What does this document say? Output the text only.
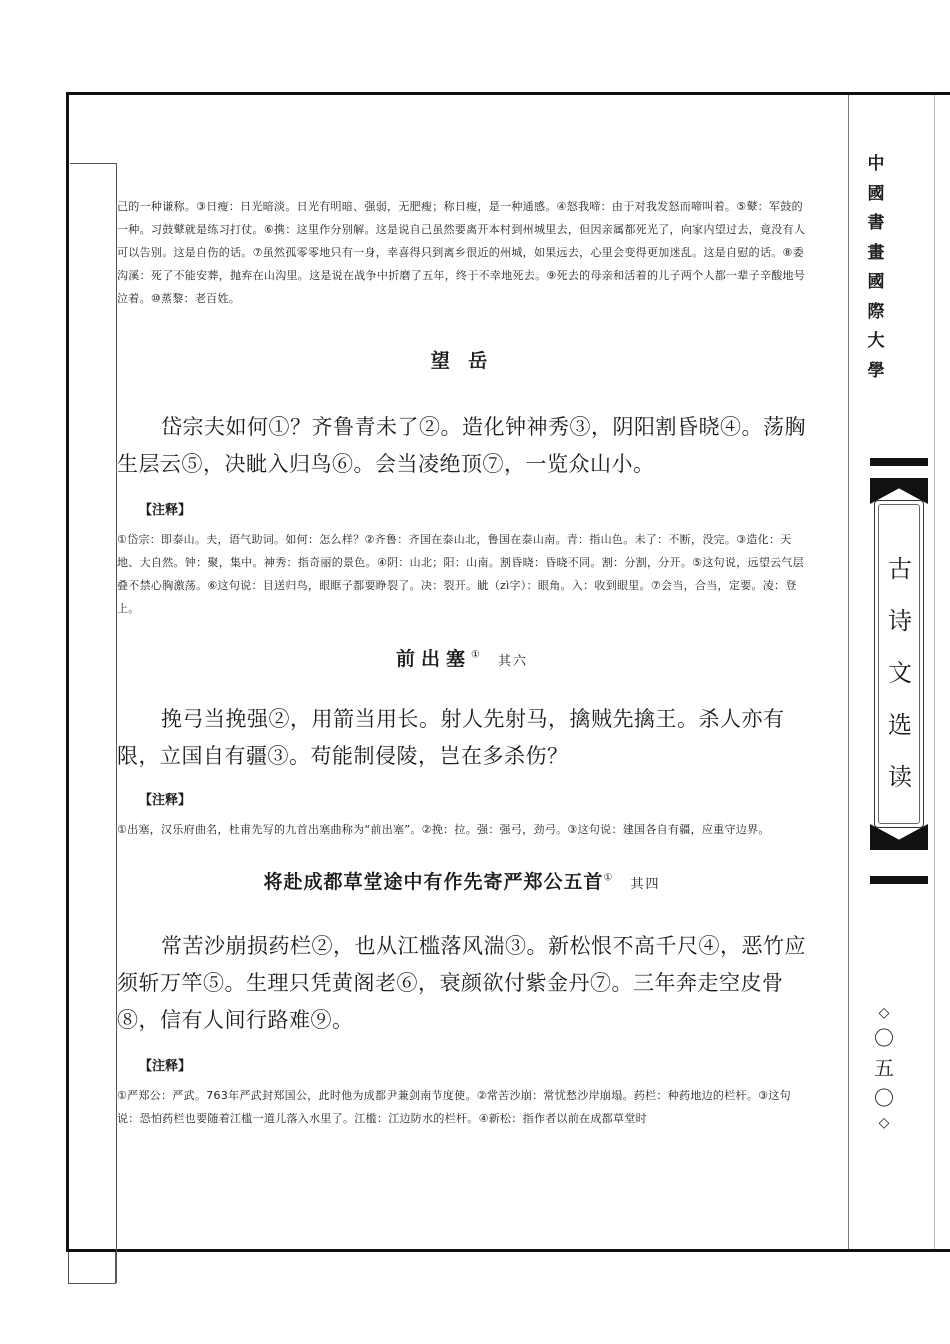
中
國
書
畫
國
際
大
學
古
诗
文
选
读
◇
〇
五
〇
◇

己的一种谦称。③日瘦：日光暗淡。日光有明暗、强弱，无肥瘦；称日瘦，是一种通感。④怒我啼：由于对我发怒而啼叫着。⑤鼙：军鼓的一种。习鼓鼙就是练习打仗。⑥携：这里作分别解。这是说自己虽然要离开本村到州城里去，但因亲属都死光了，向家内望过去，竟没有人可以告别。这是自伤的话。⑦虽然孤零零地只有一身，幸喜得只到离乡很近的州城，如果远去，心里会变得更加迷乱。这是自慰的话。⑧委沟溪：死了不能安葬，抛弃在山沟里。这是说在战争中折磨了五年，终于不幸地死去。⑨死去的母亲和活着的儿子两个人都一辈子辛酸地号泣着。⑩蒸黎：老百姓。

望 岳

岱宗夫如何①？齐鲁青未了②。造化钟神秀③，阴阳割昏晓④。荡胸生层云⑤，决眦入归鸟⑥。会当凌绝顶⑦，一览众山小。

【注释】

①岱宗：即泰山。夫，语气助词。如何：怎么样？②齐鲁：齐国在泰山北，鲁国在泰山南。青：指山色。未了：不断，没完。③造化：天地、大自然。钟：聚，集中。神秀：指奇丽的景色。④阴：山北；阳：山南。割昏晓：昏晓不同。割：分割，分开。⑤这句说，远望云气层叠不禁心胸激荡。⑥这句说：目送归鸟，眼眶子都要睁裂了。决：裂开。眦（zì字）：眼角。入：收到眼里。⑦会当，合当，定要。凌：登上。

前出塞① 其六

挽弓当挽强②，用箭当用长。射人先射马，擒贼先擒王。杀人亦有限，立国自有疆③。苟能制侵陵，岂在多杀伤？

【注释】

①出塞，汉乐府曲名，杜甫先写的九首出塞曲称为“前出塞”。②挽：拉。强：强弓，劲弓。③这句说：建国各自有疆，应重守边界。

将赴成都草堂途中有作先寄严郑公五首① 其四

常苦沙崩损药栏②，也从江槛落风湍③。新松恨不高千尺④，恶竹应须斩万竿⑤。生理只凭黄阁老⑥，衰颜欲付紫金丹⑦。三年奔走空皮骨⑧，信有人间行路难⑨。

【注释】

①严郑公：严武。763年严武封郑国公，此时他为成都尹兼剑南节度使。②常苦沙崩：常忧愁沙岸崩塌。药栏：种药地边的栏杆。③这句说：恐怕药栏也要随着江槛一道儿落入水里了。江槛：江边防水的栏杆。④新松：指作者以前在成都草堂时
